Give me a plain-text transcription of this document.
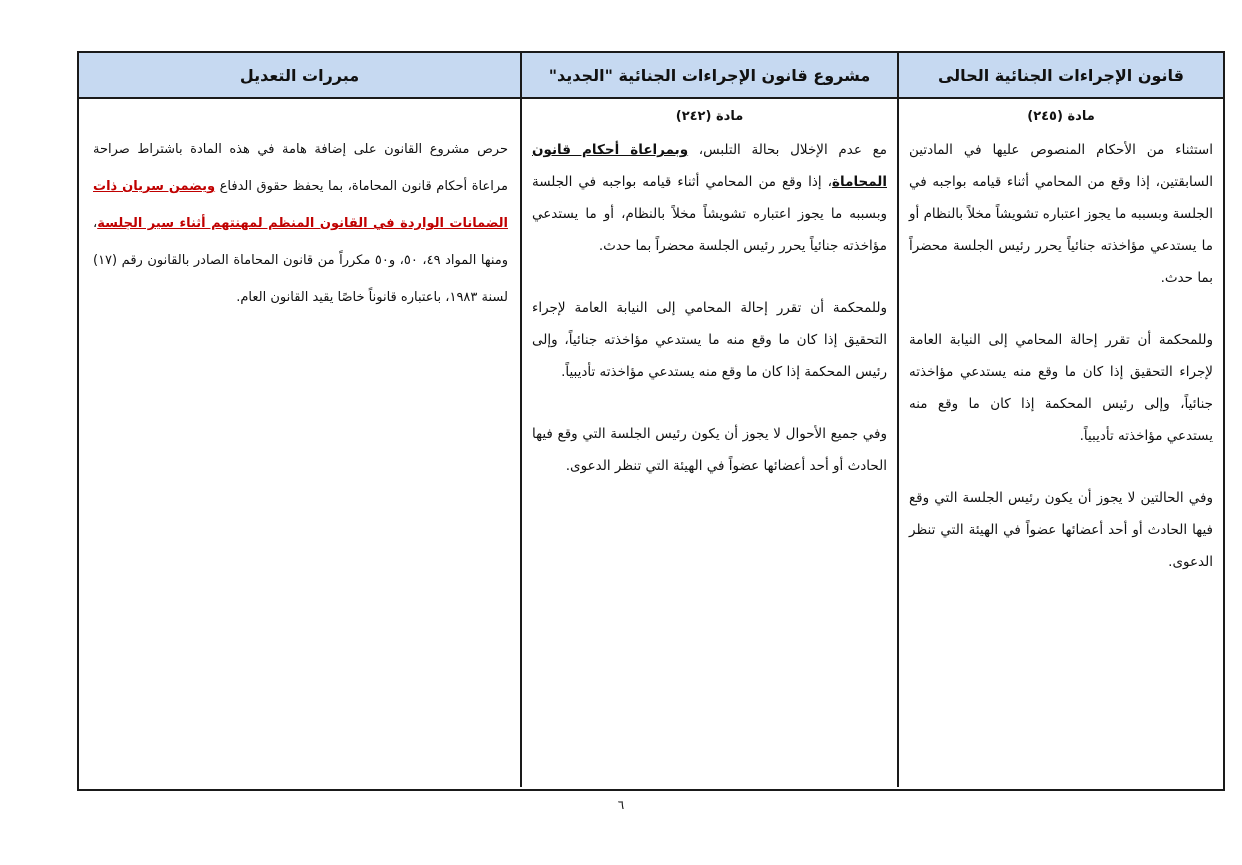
قانون الإجراءات الجنائية الحالى
مشروع قانون الإجراءات الجنائية "الجديد"
مبررات التعديل
مادة (٢٤٥)

استثناء من الأحكام المنصوص عليها في المادتين السابقتين، إذا وقع من المحامي أثناء قيامه بواجبه في الجلسة وبسببه ما يجوز اعتباره تشويشاً مخلاً بالنظام أو ما يستدعي مؤاخذته جنائياً يحرر رئيس الجلسة محضراً بما حدث.

وللمحكمة أن تقرر إحالة المحامي إلى النيابة العامة لإجراء التحقيق إذا كان ما وقع منه يستدعي مؤاخذته جنائياً، وإلى رئيس المحكمة إذا كان ما وقع منه يستدعي مؤاخذته تأديبياً.

وفي الحالتين لا يجوز أن يكون رئيس الجلسة التي وقع فيها الحادث أو أحد أعضائها عضواً في الهيئة التي تنظر الدعوى.

مادة (٢٤٢)

مع عدم الإخلال بحالة التلبس، وبمراعاة أحكام قانون المحاماة، إذا وقع من المحامي أثناء قيامه بواجبه في الجلسة وبسببه ما يجوز اعتباره تشويشاً مخلاً بالنظام، أو ما يستدعي مؤاخذته جنائياً يحرر رئيس الجلسة محضراً بما حدث.

وللمحكمة أن تقرر إحالة المحامي إلى النيابة العامة لإجراء التحقيق إذا كان ما وقع منه ما يستدعي مؤاخذته جنائياً، وإلى رئيس المحكمة إذا كان ما وقع منه يستدعي مؤاخذته تأديبياً.

وفي جميع الأحوال لا يجوز أن يكون رئيس الجلسة التي وقع فيها الحادث أو أحد أعضائها عضواً في الهيئة التي تنظر الدعوى.

حرص مشروع القانون على إضافة هامة في هذه المادة باشتراط صراحة مراعاة أحكام قانون المحاماة، بما يحفظ حقوق الدفاع ويضمن سريان ذات الضمانات الواردة في القانون المنظم لمهنتهم أثناء سير الجلسة، ومنها المواد ٤٩، ٥٠، و٥٠ مكرراً من قانون المحاماة الصادر بالقانون رقم (١٧) لسنة ١٩٨٣، باعتباره قانوناً خاصًا يقيد القانون العام.

٦
